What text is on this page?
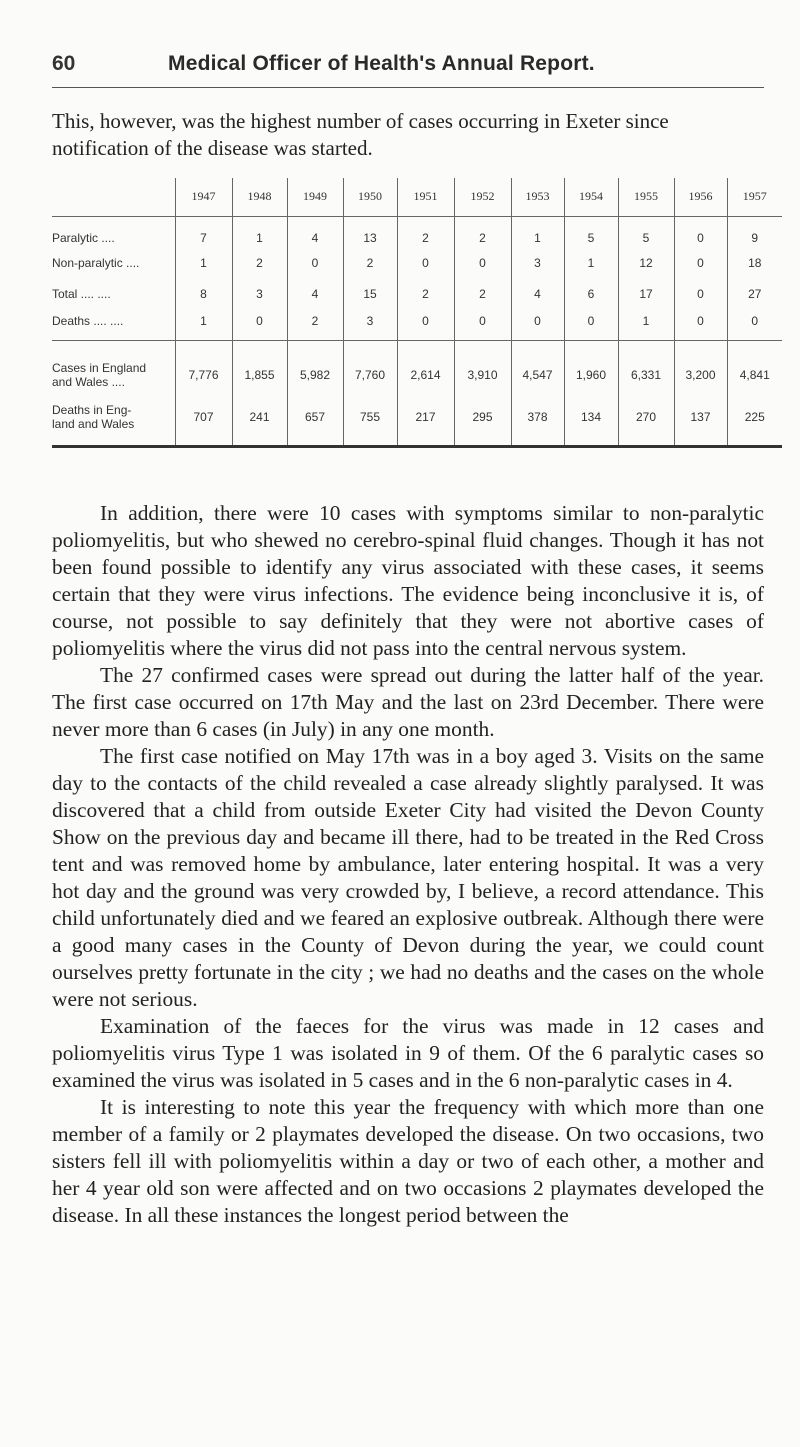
60	Medical Officer of Health's Annual Report.

This, however, was the highest number of cases occurring in Exeter since notification of the disease was started.

	1947	1948	1949	1950	1951	1952	1953	1954	1955	1956	1957
Paralytic ....	7	1	4	13	2	2	1	5	5	0	9
Non-paralytic ....	1	2	0	2	0	0	3	1	12	0	18
Total .... ....	8	3	4	15	2	2	4	6	17	0	27
Deaths .... ....	1	0	2	3	0	0	0	0	1	0	0

Cases in England
and Wales ....	7,776	1,855	5,982	7,760	2,614	3,910	4,547	1,960	6,331	3,200	4,841

Deaths in Eng-
land and Wales	707	241	657	755	217	295	378	134	270	137	225

In addition, there were 10 cases with symptoms similar to non-paralytic poliomyelitis, but who shewed no cerebro-spinal fluid changes. Though it has not been found possible to identify any virus associated with these cases, it seems certain that they were virus infections. The evidence being inconclusive it is, of course, not possible to say definitely that they were not abortive cases of poliomyelitis where the virus did not pass into the central nervous system.

The 27 confirmed cases were spread out during the latter half of the year. The first case occurred on 17th May and the last on 23rd December. There were never more than 6 cases (in July) in any one month.

The first case notified on May 17th was in a boy aged 3. Visits on the same day to the contacts of the child revealed a case already slightly paralysed. It was discovered that a child from outside Exeter City had visited the Devon County Show on the previous day and became ill there, had to be treated in the Red Cross tent and was removed home by ambulance, later entering hospital. It was a very hot day and the ground was very crowded by, I believe, a record attendance. This child unfortunately died and we feared an explosive outbreak. Although there were a good many cases in the County of Devon during the year, we could count ourselves pretty fortunate in the city ; we had no deaths and the cases on the whole were not serious.

Examination of the faeces for the virus was made in 12 cases and poliomyelitis virus Type 1 was isolated in 9 of them. Of the 6 paralytic cases so examined the virus was isolated in 5 cases and in the 6 non-paralytic cases in 4.

It is interesting to note this year the frequency with which more than one member of a family or 2 playmates developed the disease. On two occasions, two sisters fell ill with poliomyelitis within a day or two of each other, a mother and her 4 year old son were affected and on two occasions 2 playmates developed the disease. In all these instances the longest period between the
